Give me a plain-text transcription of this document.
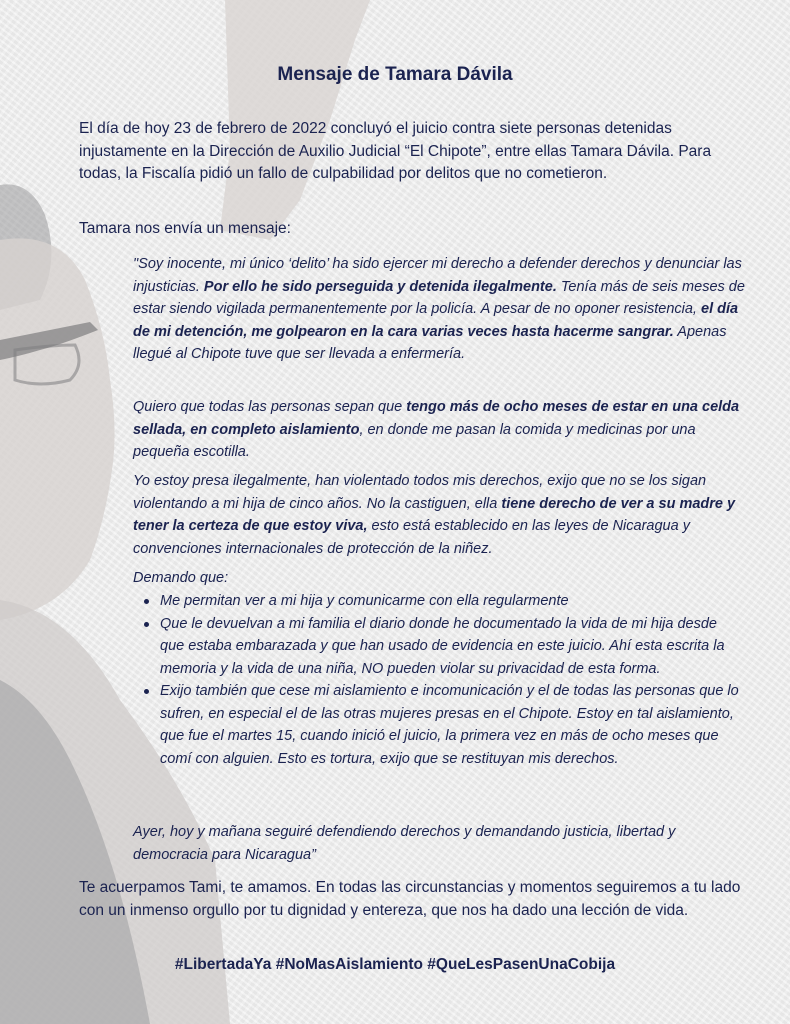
Mensaje de Tamara Dávila

El día de hoy 23 de febrero de 2022 concluyó el juicio contra siete personas detenidas injustamente en la Dirección de Auxilio Judicial “El Chipote”, entre ellas Tamara Dávila. Para todas, la Fiscalía pidió un fallo de culpabilidad por delitos que no cometieron.

Tamara nos envía un mensaje:

"Soy inocente, mi único ‘delito’ ha sido ejercer mi derecho a defender derechos y denunciar las injusticias. Por ello he sido perseguida y detenida ilegalmente. Tenía más de seis meses de estar siendo vigilada permanentemente por la policía. A pesar de no oponer resistencia, el día de mi detención, me golpearon en la cara varias veces hasta hacerme sangrar. Apenas llegué al Chipote tuve que ser llevada a enfermería.

Quiero que todas las personas sepan que tengo más de ocho meses de estar en una celda sellada, en completo aislamiento, en donde me pasan la comida y medicinas por una pequeña escotilla.

Yo estoy presa ilegalmente, han violentado todos mis derechos, exijo que no se los sigan violentando a mi hija de cinco años. No la castiguen, ella tiene derecho de ver a su madre y tener la certeza de que estoy viva, esto está establecido en las leyes de Nicaragua y convenciones internacionales de protección de la niñez.

Demando que:

Me permitan ver a mi hija y comunicarme con ella regularmente
Que le devuelvan a mi familia el diario donde he documentado la vida de mi hija desde que estaba embarazada y que han usado de evidencia en este juicio. Ahí esta escrita la memoria y la vida de una niña, NO pueden violar su privacidad de esta forma.
Exijo también que cese mi aislamiento e incomunicación y el de todas las personas que lo sufren, en especial el de las otras mujeres presas en el Chipote. Estoy en tal aislamiento, que fue el martes 15, cuando inició el juicio, la primera vez en más de ocho meses que comí con alguien. Esto es tortura, exijo que se restituyan mis derechos.

Ayer, hoy y mañana seguiré defendiendo derechos y demandando justicia, libertad y democracia para Nicaragua”

Te acuerpamos Tami, te amamos. En todas las circunstancias y momentos seguiremos a tu lado con un inmenso orgullo por tu dignidad y entereza, que nos ha dado una lección de vida.

#LibertadaYa #NoMasAislamiento #QueLesPasenUnaCobija
